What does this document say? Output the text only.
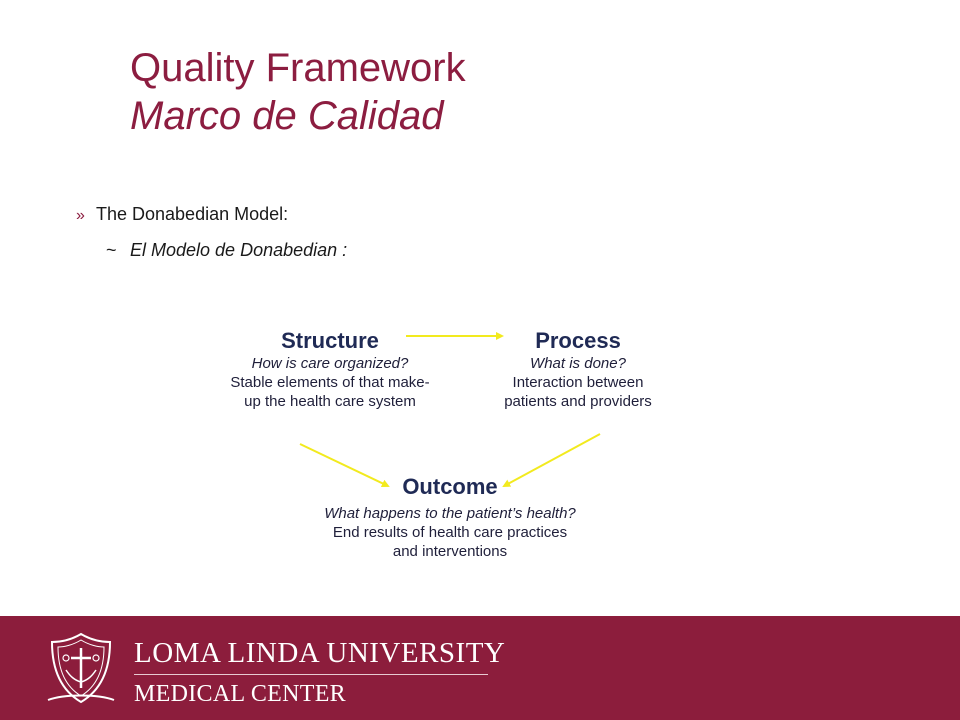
Quality Framework
Marco de Calidad
» The Donabedian Model:
~ El Modelo de Donabedian :
Structure
How is care organized?
Stable elements of that make-
up the health care system
Process
What is done?
Interaction between
patients and providers
Outcome
What happens to the patient’s health?
End results of health care practices
and interventions
LOMA LINDA UNIVERSITY
MEDICAL CENTER
